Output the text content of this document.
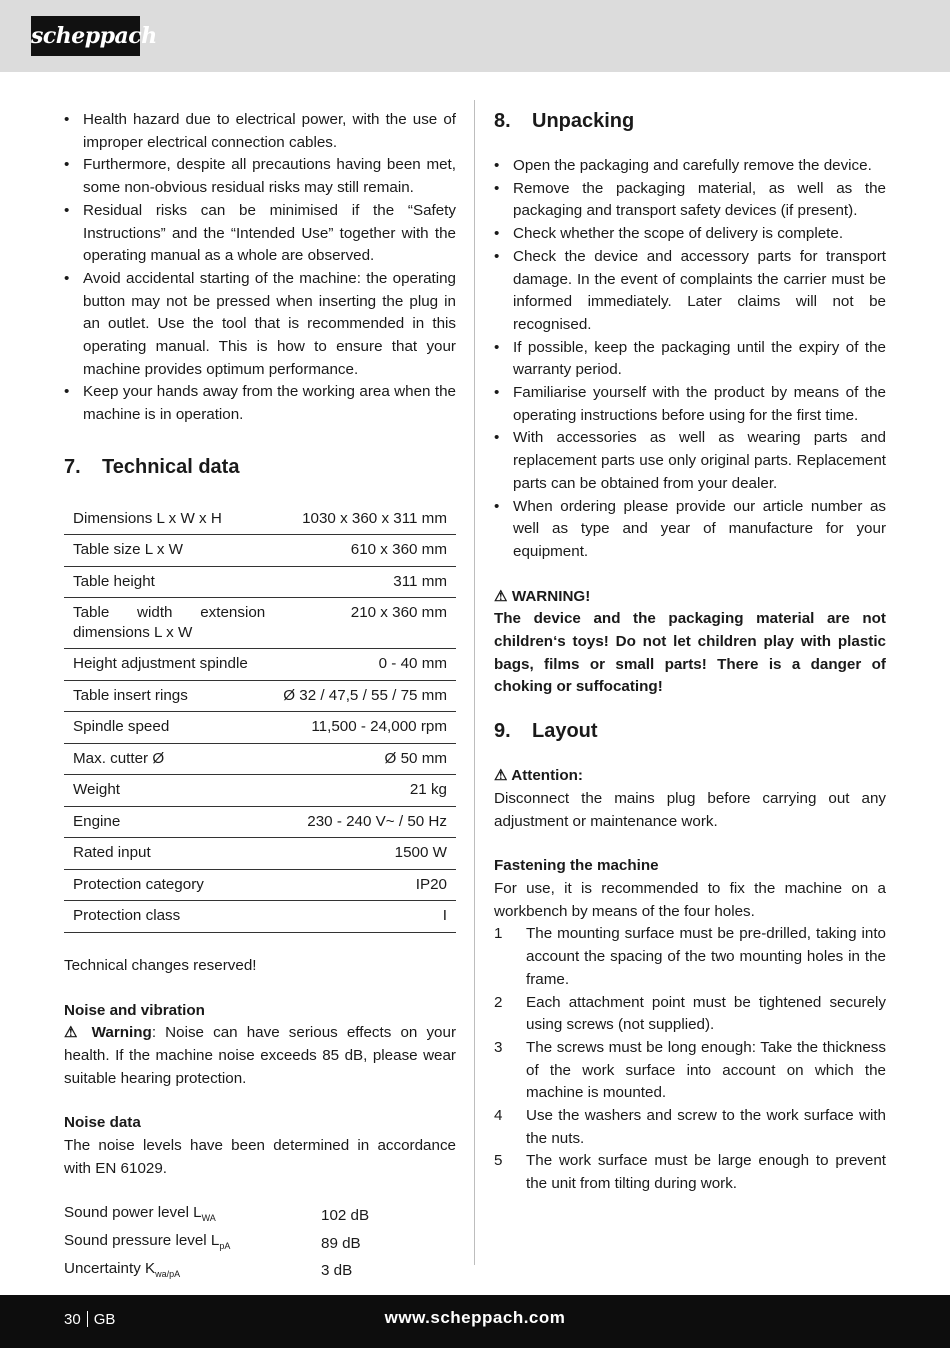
scheppach
• Health hazard due to electrical power, with the use of improper electrical connection cables.
• Furthermore, despite all precautions having been met, some non-obvious residual risks may still remain.
• Residual risks can be minimised if the “Safety Instructions” and the “Intended Use” together with the operating manual as a whole are observed.
• Avoid accidental starting of the machine: the operating button may not be pressed when inserting the plug in an outlet. Use the tool that is recommended in this operating manual. This is how to ensure that your machine provides optimum performance.
• Keep your hands away from the working area when the machine is in operation.
7. Technical data
Dimensions L x W x H	1030 x 360 x 311 mm
Table size L x W	610 x 360 mm
Table height	311 mm
Table width extension dimensions L x W	210 x 360 mm
Height adjustment spindle	0 - 40 mm
Table insert rings	Ø 32 / 47,5 / 55 / 75 mm
Spindle speed	11,500 - 24,000 rpm
Max. cutter Ø	Ø 50 mm
Weight	21 kg
Engine	230 - 240 V~ / 50 Hz
Rated input	1500 W
Protection category	IP20
Protection class	I

Technical changes reserved!

Noise and vibration

⚠ Warning: Noise can have serious effects on your health. If the machine noise exceeds 85 dB, please wear suitable hearing protection.

Noise data

The noise levels have been determined in accordance with EN 61029.

Sound power level $L_{WA}$	102 dB
Sound pressure level $L_{pA}$	89 dB
Uncertainty $K_{wa/pA}$	3 dB
8. Unpacking
• Open the packaging and carefully remove the device.
• Remove the packaging material, as well as the packaging and transport safety devices (if present).
• Check whether the scope of delivery is complete.
• Check the device and accessory parts for transport damage. In the event of complaints the carrier must be informed immediately. Later claims will not be recognised.
• If possible, keep the packaging until the expiry of the warranty period.
• Familiarise yourself with the product by means of the operating instructions before using for the first time.
• With accessories as well as wearing parts and replacement parts use only original parts. Replacement parts can be obtained from your dealer.
• When ordering please provide our article number as well as type and year of manufacture for your equipment.

⚠ WARNING!

The device and the packaging material are not children‘s toys! Do not let children play with plastic bags, films or small parts! There is a danger of choking or suffocating!

9. Layout

⚠ Attention:

Disconnect the mains plug before carrying out any adjustment or maintenance work.

Fastening the machine

For use, it is recommended to fix the machine on a workbench by means of the four holes.

1 The mounting surface must be pre-drilled, taking into account the spacing of the two mounting holes in the frame.
2 Each attachment point must be tightened securely using screws (not supplied).
3 The screws must be long enough: Take the thickness of the work surface into account on which the machine is mounted.
4 Use the washers and screw to the work surface with the nuts.
5 The work surface must be large enough to prevent the unit from tilting during work.
30 GB	www.scheppach.com
